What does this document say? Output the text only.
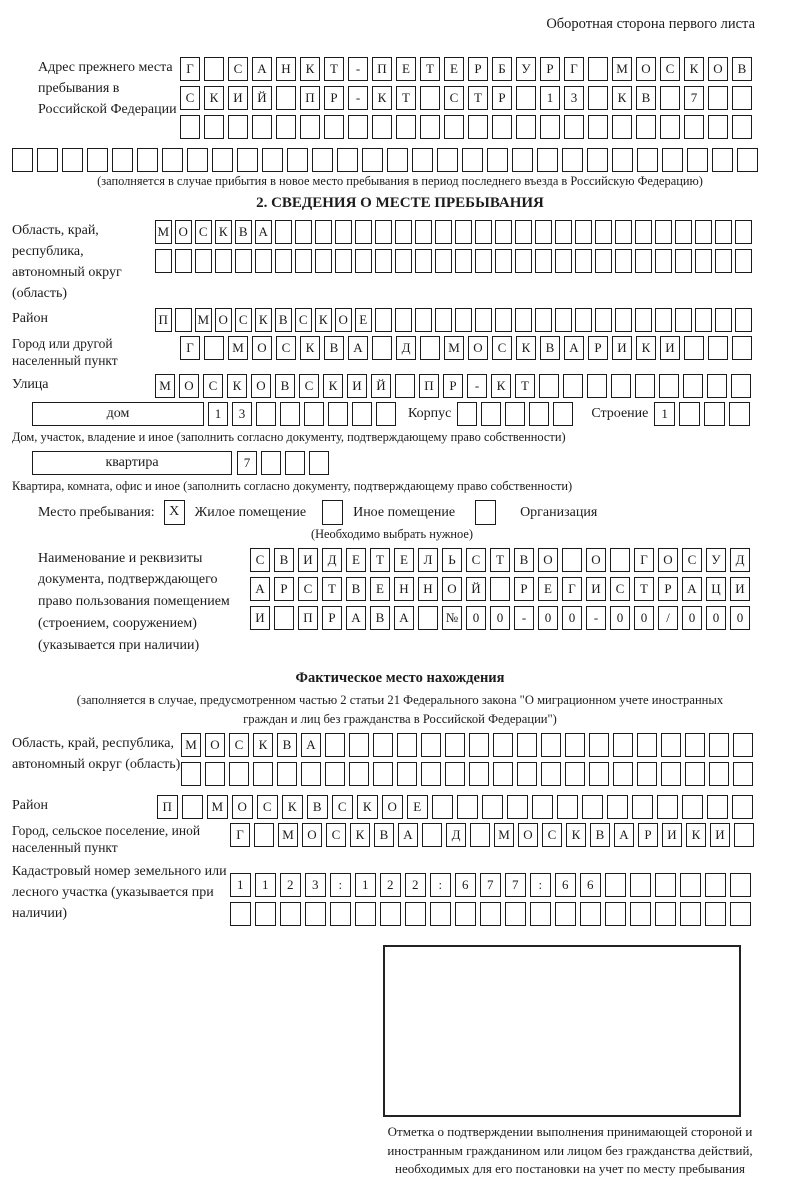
Оборотная сторона первого листа
Адрес прежнего места пребывания в Российской Федерации
Г	С	А	Н	К	Т	-	П	Е	Т	Е	Р	Б	У	Р	Г	М	О	С	К	О	В
С	К	И	Й	П	Р	-	К	Т	С	Т	Р	1	3	К	В	7
(заполняется в случае прибытия в новое место пребывания в период последнего въезда в Российскую Федерацию)
2. СВЕДЕНИЯ О МЕСТЕ ПРЕБЫВАНИЯ
Область, край, республика, автономный округ (область)
М О С К В А
Район	П М О С К В С К О Е
Город или другой населенный пункт
Г	М	О	С	К	В	А	Д	М	О	С	К	В	А	Р	И	К	И
Улица	М	О	С	К	О	В	С	К	И	Й	П	Р	-	К	Т
дом	1	3	Корпус	Строение	1
Дом, участок, владение и иное (заполнить согласно документу, подтверждающему право собственности)
квартира	7
Квартира, комната, офис и иное (заполнить согласно документу, подтверждающему право собственности)
Место пребывания:	X	Жилое помещение	Иное помещение	Организация
(Необходимо выбрать нужное)
Наименование и реквизиты документа, подтверждающего право пользования помещением (строением, сооружением) (указывается при наличии)
С	В	И	Д	Е	Т	Е	Л	Ь	С	Т	В	О	О	Г	О	С	У	Д
А	Р	С	Т	В	Е	Н	Н	О	Й	Р	Е	Г	И	С	Т	Р	А	Ц	И
И	П	Р	А	В	А	№	0	0	-	0	0	-	0	0	/	0	0	0
Фактическое место нахождения
(заполняется в случае, предусмотренном частью 2 статьи 21 Федерального закона "О миграционном учете иностранных граждан и лиц без гражданства в Российской Федерации")
Область, край, республика, автономный округ (область)
М	О	С	К	В	А
Район	П	М	О	С	К	В	С	К	О	Е
Город, сельское поселение, иной населенный пункт
Г	М	О	С	К	В	А	Д	М	О	С	К	В	А	Р	И	К	И
Кадастровый номер земельного или лесного участка (указывается при наличии)
1	1	2	3	:	1	2	2	:	6	7	7	:	6	6
Отметка о подтверждении выполнения принимающей стороной и иностранным гражданином или лицом без гражданства действий, необходимых для его постановки на учет по месту пребывания
